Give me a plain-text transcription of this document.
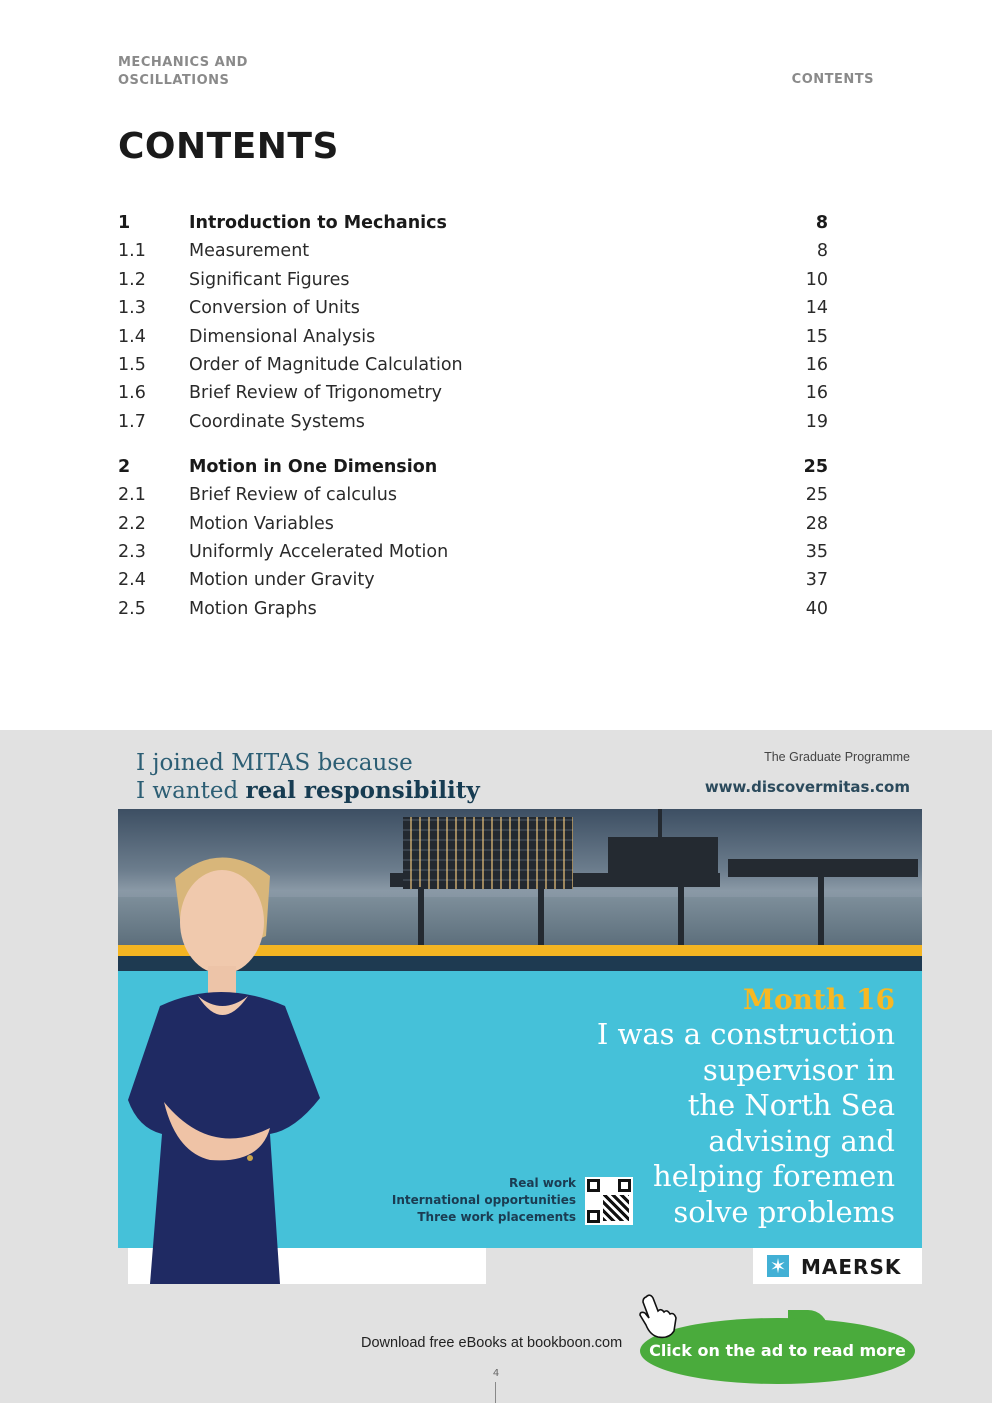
MECHANICS AND
OSCILLATIONS	CONTENTS
CONTENTS
1	Introduction to Mechanics	8
1.1 Measurement	8
1.2 Significant Figures	10
1.3 Conversion of Units	14
1.4 Dimensional Analysis	15
1.5 Order of Magnitude Calculation	16
1.6 Brief Review of Trigonometry	16
1.7 Coordinate Systems	19
2	Motion in One Dimension	25
2.1 Brief Review of calculus	25
2.2 Motion Variables	28
2.3 Uniformly Accelerated Motion	35
2.4 Motion under Gravity	37
2.5 Motion Graphs	40
I joined MITAS because
I wanted real responsibility
The Graduate Programme
www.discovermitas.com
Month 16
I was a construction
supervisor in
the North Sea
advising and
helping foremen
solve problems
Real work
International opportunities
Three work placements
✶ MAERSK
Download free eBooks at bookboon.com	Click on the ad to read more
4
